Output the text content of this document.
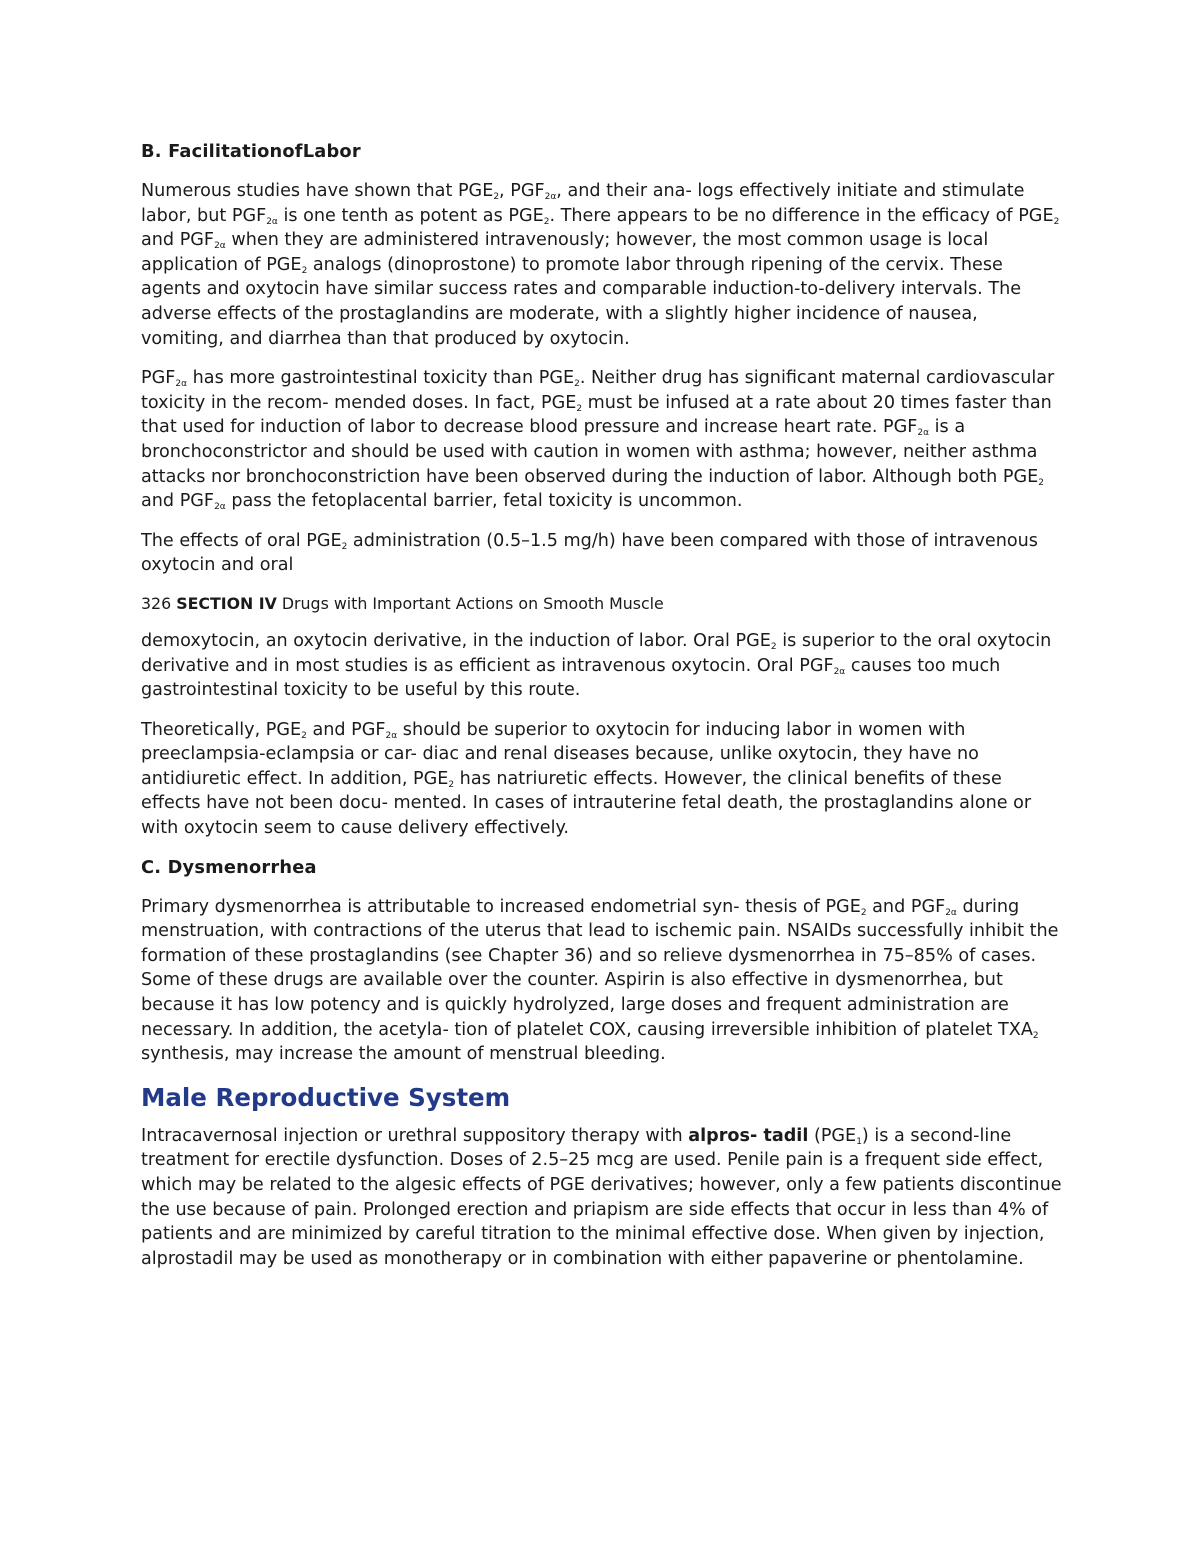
B. FacilitationofLabor

Numerous studies have shown that $PGE_2$, $PGF_{2\alpha}$, and their ana- logs effectively initiate and stimulate labor, but $PGF_{2\alpha}$ is one tenth as potent as $PGE_2$. There appears to be no difference in the efficacy of $PGE_2$ and $PGF_{2\alpha}$ when they are administered intravenously; however, the most common usage is local application of $PGE_2$ analogs (dinoprostone) to promote labor through ripening of the cervix. These agents and oxytocin have similar success rates and comparable induction-to-delivery intervals. The adverse effects of the prostaglandins are moderate, with a slightly higher incidence of nausea, vomiting, and diarrhea than that produced by oxytocin.

$PGF_{2\alpha}$ has more gastrointestinal toxicity than $PGE_2$. Neither drug has significant maternal cardiovascular toxicity in the recom- mended doses. In fact, $PGE_2$ must be infused at a rate about 20 times faster than that used for induction of labor to decrease blood pressure and increase heart rate. $PGF_{2\alpha}$ is a bronchoconstrictor and should be used with caution in women with asthma; however, neither asthma attacks nor bronchoconstriction have been observed during the induction of labor. Although both $PGE_2$ and $PGF_{2\alpha}$ pass the fetoplacental barrier, fetal toxicity is uncommon.

The effects of oral $PGE_2$ administration (0.5–1.5 mg/h) have been compared with those of intravenous oxytocin and oral

326 SECTION IV Drugs with Important Actions on Smooth Muscle

demoxytocin, an oxytocin derivative, in the induction of labor. Oral $PGE_2$ is superior to the oral oxytocin derivative and in most studies is as efficient as intravenous oxytocin. Oral $PGF_{2\alpha}$ causes too much gastrointestinal toxicity to be useful by this route.

Theoretically, $PGE_2$ and $PGF_{2\alpha}$ should be superior to oxytocin for inducing labor in women with preeclampsia-eclampsia or car- diac and renal diseases because, unlike oxytocin, they have no antidiuretic effect. In addition, $PGE_2$ has natriuretic effects. However, the clinical benefits of these effects have not been docu- mented. In cases of intrauterine fetal death, the prostaglandins alone or with oxytocin seem to cause delivery effectively.

C. Dysmenorrhea

Primary dysmenorrhea is attributable to increased endometrial syn- thesis of $PGE_2$ and $PGF_{2\alpha}$ during menstruation, with contractions of the uterus that lead to ischemic pain. NSAIDs successfully inhibit the formation of these prostaglandins (see Chapter 36) and so relieve dysmenorrhea in 75–85% of cases. Some of these drugs are available over the counter. Aspirin is also effective in dysmenorrhea, but because it has low potency and is quickly hydrolyzed, large doses and frequent administration are necessary. In addition, the acetyla- tion of platelet COX, causing irreversible inhibition of platelet $TXA_2$ synthesis, may increase the amount of menstrual bleeding.

Male Reproductive System

Intracavernosal injection or urethral suppository therapy with alpros- tadil $(PGE_1)$ is a second-line treatment for erectile dysfunction. Doses of 2.5–25 mcg are used. Penile pain is a frequent side effect, which may be related to the algesic effects of PGE derivatives; however, only a few patients discontinue the use because of pain. Prolonged erection and priapism are side effects that occur in less than 4% of patients and are minimized by careful titration to the minimal effective dose. When given by injection, alprostadil may be used as monotherapy or in combination with either papaverine or phentolamine.
